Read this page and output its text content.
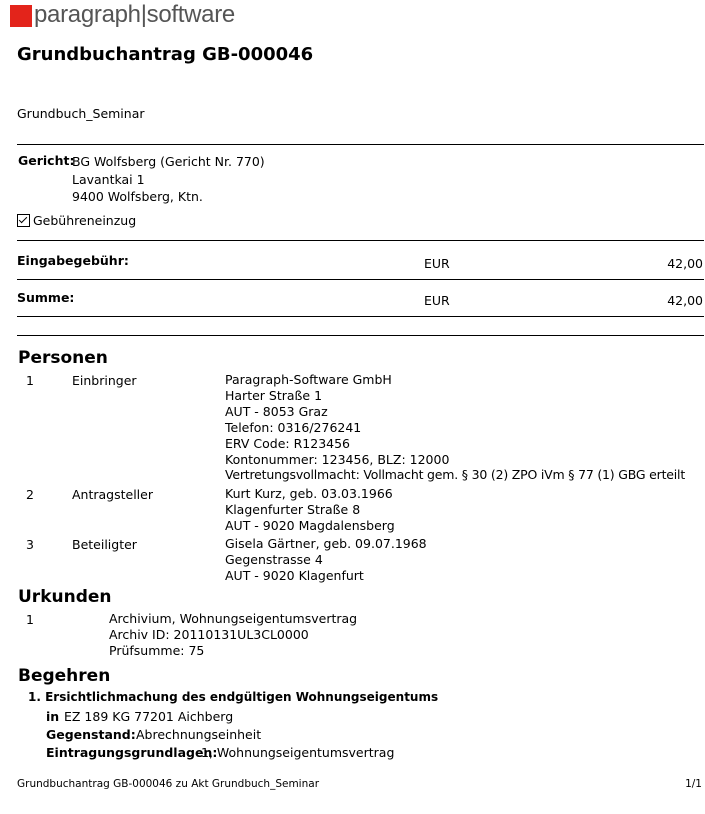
paragraph|software
Grundbuchantrag GB-000046
Grundbuch_Seminar
Gericht:
BG Wolfsberg (Gericht Nr. 770)
Lavantkai 1
9400 Wolfsberg, Ktn.
Gebühreneinzug
Eingabegebühr:	EUR	42,00
Summe:	EUR	42,00
Personen
1	Einbringer	Paragraph-Software GmbH
Harter Straße 1
AUT - 8053 Graz
Telefon: 0316/276241
ERV Code: R123456
Kontonummer: 123456, BLZ: 12000
Vertretungsvollmacht: Vollmacht gem. § 30 (2) ZPO iVm § 77 (1) GBG erteilt
2	Antragsteller	Kurt Kurz, geb. 03.03.1966
Klagenfurter Straße 8
AUT - 9020 Magdalensberg
3	Beteiligter	Gisela Gärtner, geb. 09.07.1968
Gegenstrasse 4
AUT - 9020 Klagenfurt
Urkunden
1	Archivium, Wohnungseigentumsvertrag
Archiv ID: 20110131UL3CL0000
Prüfsumme: 75
Begehren
1. Ersichtlichmachung des endgültigen Wohnungseigentums
in EZ 189 KG 77201 Aichberg
Gegenstand: Abrechnungseinheit
Eintragungsgrundlagen:
1, Wohnungseigentumsvertrag
Grundbuchantrag GB-000046 zu Akt Grundbuch_Seminar	1/1
